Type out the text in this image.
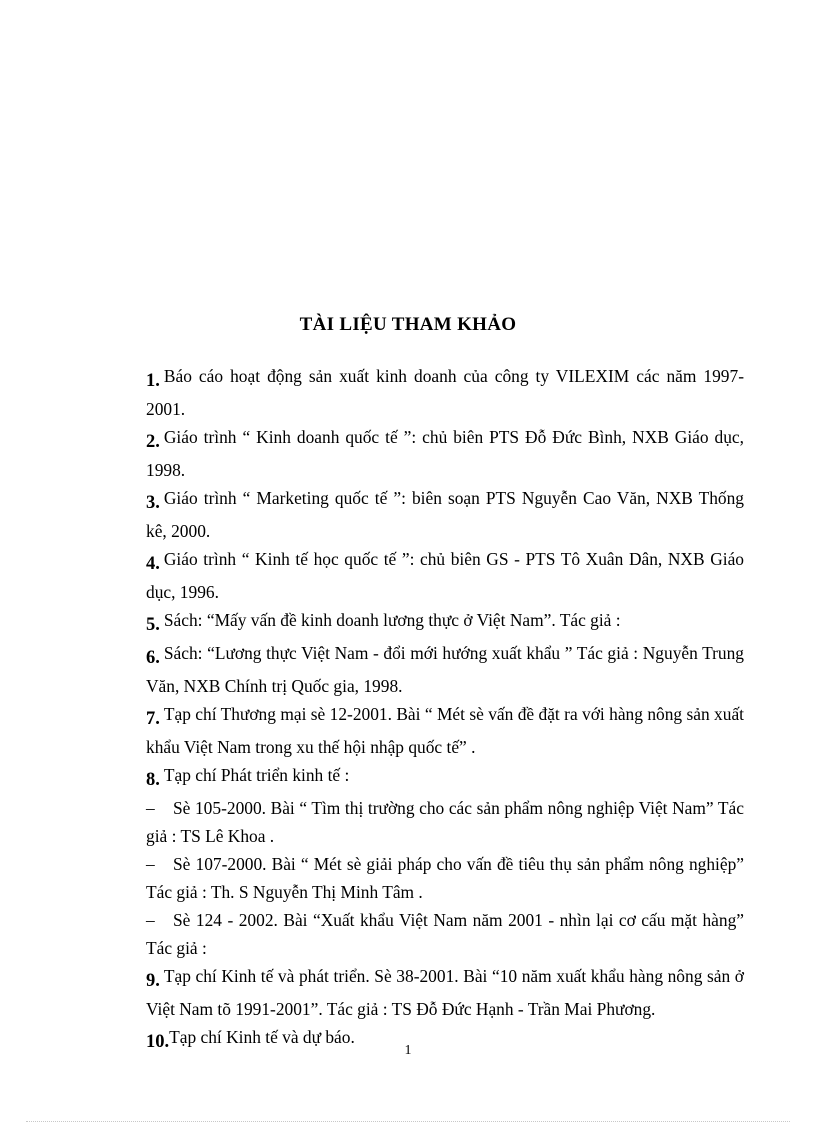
TÀI LIỆU THAM KHẢO

1. Báo cáo hoạt động sản xuất kinh doanh của công ty VILEXIM các năm 1997-2001.

2. Giáo trình “ Kinh doanh quốc tế ”: chủ biên PTS Đỗ Đức Bình, NXB Giáo dục, 1998.

3. Giáo trình “ Marketing quốc tế ”: biên soạn PTS Nguyễn Cao Văn, NXB Thống kê, 2000.

4. Giáo trình “ Kinh tế học quốc tế ”: chủ biên GS - PTS Tô Xuân Dân, NXB Giáo dục, 1996.

5. Sách: “Mấy vấn đề kinh doanh lương thực ở Việt Nam”. Tác giả :

6. Sách: “Lương thực Việt Nam - đổi mới hướng xuất khẩu ” Tác giả : Nguyễn Trung Văn, NXB Chính trị Quốc gia, 1998.

7. Tạp chí Thương mại sè 12-2001. Bài “ Mét sè vấn đề đặt ra với hàng nông sản xuất khẩu Việt Nam trong xu thế hội nhập quốc tế” .

8. Tạp chí Phát triển kinh tế :

– Sè 105-2000. Bài “ Tìm thị trường cho các sản phẩm nông nghiệp Việt Nam” Tác giả : TS Lê Khoa .

– Sè 107-2000. Bài “ Mét sè giải pháp cho vấn đề tiêu thụ sản phẩm nông nghiệp” Tác giả : Th. S Nguyễn Thị Minh Tâm .

– Sè 124 - 2002. Bài “Xuất khẩu Việt Nam năm 2001 - nhìn lại cơ cấu mặt hàng” Tác giả :

9. Tạp chí Kinh tế và phát triển. Sè 38-2001. Bài “10 năm xuất khẩu hàng nông sản ở Việt Nam tõ 1991-2001”. Tác giả : TS Đỗ Đức Hạnh - Trần Mai Phương.

10.Tạp chí Kinh tế và dự báo.

1
